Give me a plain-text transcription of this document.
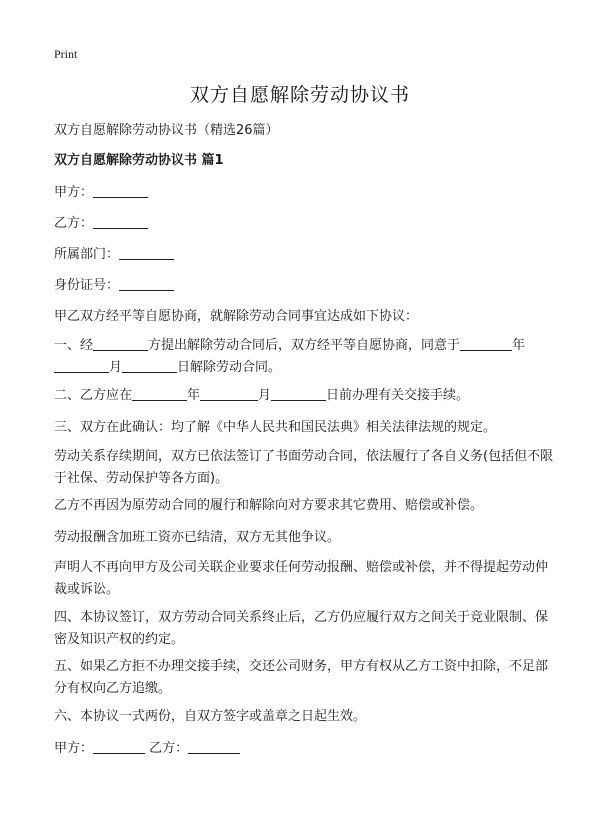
Print
双方自愿解除劳动协议书
双方自愿解除劳动协议书（精选26篇）
双方自愿解除劳动协议书 篇1
甲方：
乙方：
所属部门：
身份证号：
甲乙双方经平等自愿协商，就解除劳动合同事宜达成如下协议：
一、经	方提出解除劳动合同后，双方经平等自愿协商，同意于	年
月	日解除劳动合同。
二、乙方应在	年	月	日前办理有关交接手续。
三、双方在此确认：均了解《中华人民共和国民法典》相关法律法规的规定。
劳动关系存续期间，双方已依法签订了书面劳动合同，依法履行了各自义务(包括但不限于社保、劳动保护等各方面)。
乙方不再因为原劳动合同的履行和解除向对方要求其它费用、赔偿或补偿。
劳动报酬含加班工资亦已结清，双方无其他争议。
声明人不再向甲方及公司关联企业要求任何劳动报酬、赔偿或补偿，并不得提起劳动仲裁或诉讼。
四、本协议签订，双方劳动合同关系终止后，乙方仍应履行双方之间关于竞业限制、保密及知识产权的约定。
五、如果乙方拒不办理交接手续，交还公司财务，甲方有权从乙方工资中扣除，不足部分有权向乙方追缴。
六、本协议一式两份，自双方签字或盖章之日起生效。
甲方：	乙方：
